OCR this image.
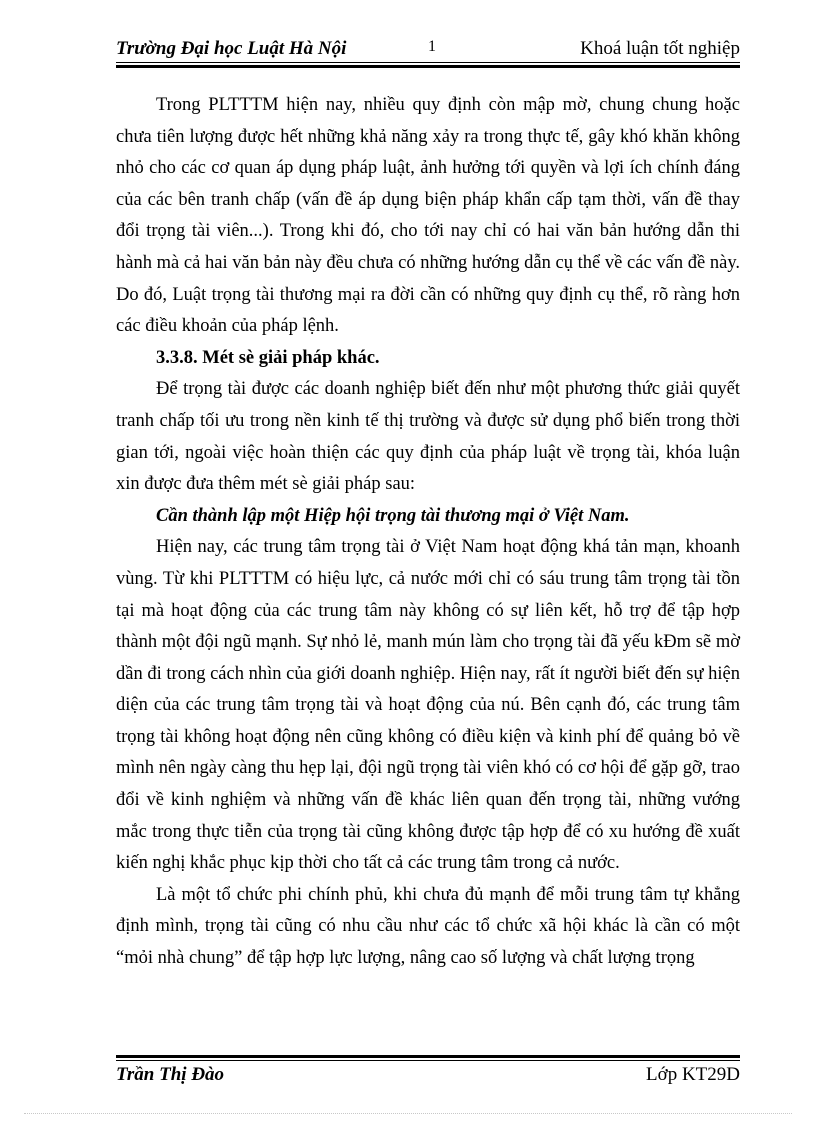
Trường Đại học Luật Hà Nội	1	Khoá luận tốt nghiệp

Trong PLTTTM hiện nay, nhiều quy định còn mập mờ, chung chung hoặc chưa tiên lượng được hết những khả năng xảy ra trong thực tế, gây khó khăn không nhỏ cho các cơ quan áp dụng pháp luật, ảnh hưởng tới quyền và lợi ích chính đáng của các bên tranh chấp (vấn đề áp dụng biện pháp khẩn cấp tạm thời, vấn đề thay đổi trọng tài viên...). Trong khi đó, cho tới nay chỉ có hai văn bản hướng dẫn thi hành mà cả hai văn bản này đều chưa có những hướng dẫn cụ thể về các vấn đề này. Do đó, Luật trọng tài thương mại ra đời cần có những quy định cụ thể, rõ ràng hơn các điều khoản của pháp lệnh.

3.3.8. Mét sè giải pháp khác.

Để trọng tài được các doanh nghiệp biết đến như một phương thức giải quyết tranh chấp tối ưu trong nền kinh tế thị trường và được sử dụng phổ biến trong thời gian tới, ngoài việc hoàn thiện các quy định của pháp luật về trọng tài, khóa luận xin được đưa thêm mét sè giải pháp sau:

Cần thành lập một Hiệp hội trọng tài thương mại ở Việt Nam.

Hiện nay, các trung tâm trọng tài ở Việt Nam hoạt động khá tản mạn, khoanh vùng. Từ khi PLTTTM có hiệu lực, cả nước mới chỉ có sáu trung tâm trọng tài tồn tại mà hoạt động của các trung tâm này không có sự liên kết, hỗ trợ để tập hợp thành một đội ngũ mạnh. Sự nhỏ lẻ, manh mún làm cho trọng tài đã yếu kĐm sẽ mờ dần đi trong cách nhìn của giới doanh nghiệp. Hiện nay, rất ít người biết đến sự hiện diện của các trung tâm trọng tài và hoạt động của nú. Bên cạnh đó, các trung tâm trọng tài không hoạt động nên cũng không có điều kiện và kinh phí để quảng bỏ về mình nên ngày càng thu hẹp lại, đội ngũ trọng tài viên khó có cơ hội để gặp gỡ, trao đổi về kinh nghiệm và những vấn đề khác liên quan đến trọng tài, những vướng mắc trong thực tiễn của trọng tài cũng không được tập hợp để có xu hướng đề xuất kiến nghị khắc phục kịp thời cho tất cả các trung tâm trong cả nước.

Là một tổ chức phi chính phủ, khi chưa đủ mạnh để mỗi trung tâm tự khẳng định mình, trọng tài cũng có nhu cầu như các tổ chức xã hội khác là cần có một “mỏi nhà chung” để tập hợp lực lượng, nâng cao số lượng và chất lượng trọng

Trần Thị Đào	Lớp KT29D
